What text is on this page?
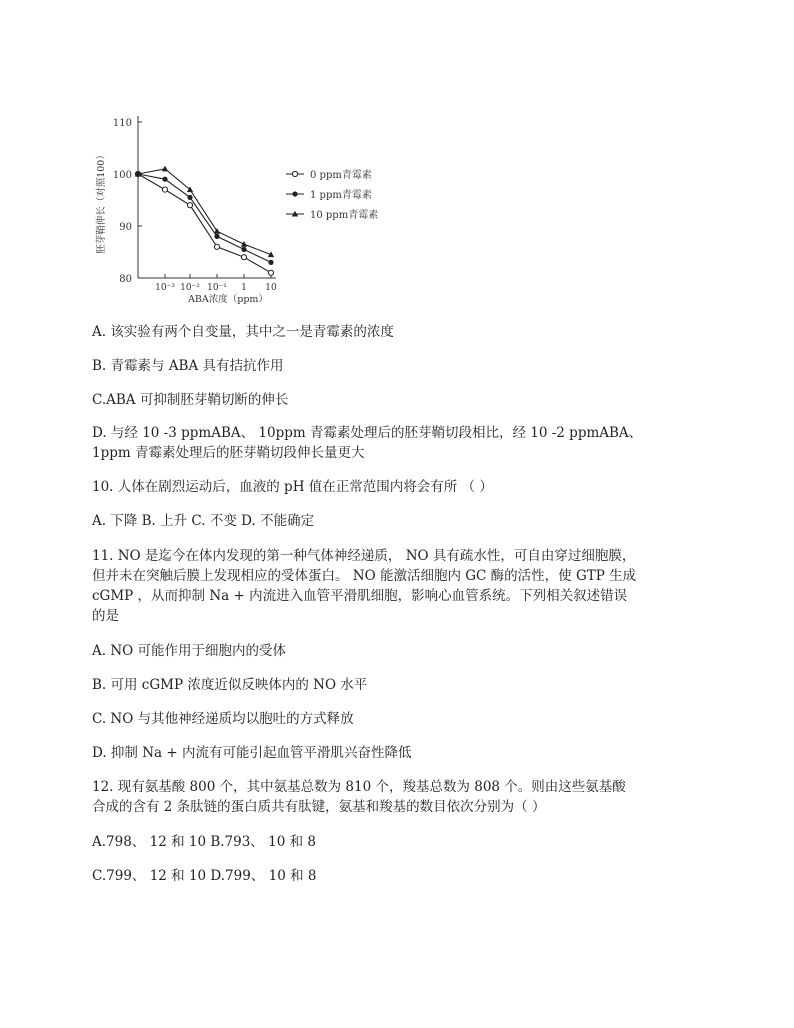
80
90
100
110
10⁻³ 10⁻² 10⁻¹ 1 10
ABA浓度（ppm）
胚芽鞘伸长（对照100）	0 ppm青霉素
1 ppm青霉素
10 ppm青霉素
A. 该实验有两个自变量，其中之一是青霉素的浓度
B. 青霉素与 ABA 具有拮抗作用
C.ABA 可抑制胚芽鞘切断的伸长
D. 与经 10 -3 ppmABA、 10ppm 青霉素处理后的胚芽鞘切段相比，经 10 -2 ppmABA、
1ppm 青霉素处理后的胚芽鞘切段伸长量更大
10. 人体在剧烈运动后，血液的 pH 值在正常范围内将会有所 （ ）
A. 下降 B. 上升 C. 不变 D. 不能确定
11. NO 是迄今在体内发现的第一种气体神经递质， NO 具有疏水性，可自由穿过细胞膜，
但并未在突触后膜上发现相应的受体蛋白。 NO 能激活细胞内 GC 酶的活性，使 GTP 生成
cGMP ，从而抑制 Na + 内流进入血管平滑肌细胞，影响心血管系统。下列相关叙述错误
的是
A. NO 可能作用于细胞内的受体
B. 可用 cGMP 浓度近似反映体内的 NO 水平
C. NO 与其他神经递质均以胞吐的方式释放
D. 抑制 Na + 内流有可能引起血管平滑肌兴奋性降低
12. 现有氨基酸 800 个，其中氨基总数为 810 个，羧基总数为 808 个。则由这些氨基酸
合成的含有 2 条肽链的蛋白质共有肽键，氨基和羧基的数目依次分别为（ ）
A.798、 12 和 10 B.793、 10 和 8
C.799、 12 和 10 D.799、 10 和 8
